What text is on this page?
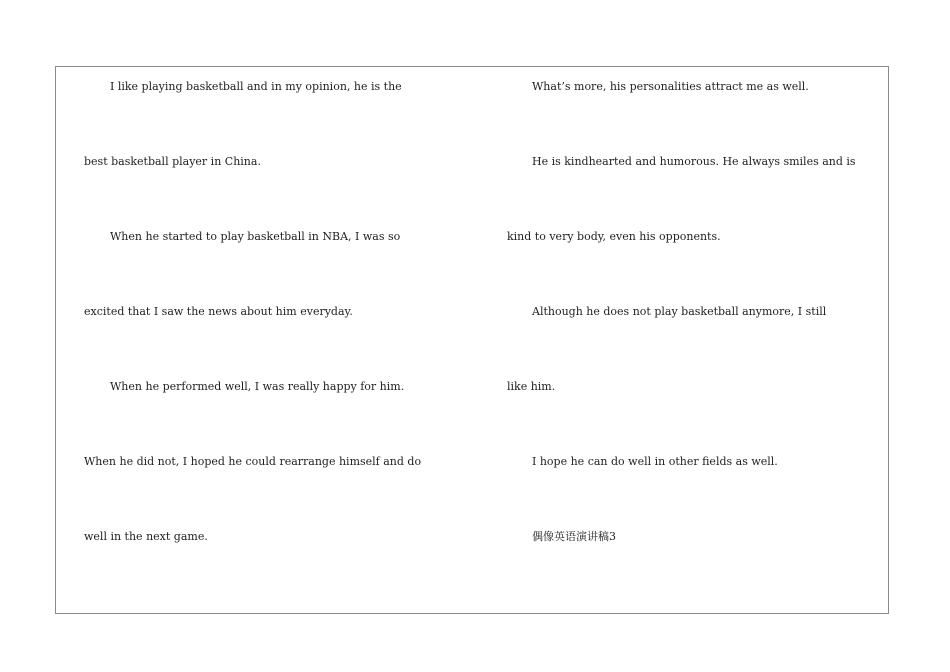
I like playing basketball and in my opinion, he is the
best basketball player in China.
When he started to play basketball in NBA, I was so
excited that I saw the news about him everyday.
When he performed well, I was really happy for him.
When he did not, I hoped he could rearrange himself and do
well in the next game.
What’s more, his personalities attract me as well.
He is kindhearted and humorous. He always smiles and is
kind to very body, even his opponents.
Although he does not play basketball anymore, I still
like him.
I hope he can do well in other fields as well.
偶像英语演讲稿3
